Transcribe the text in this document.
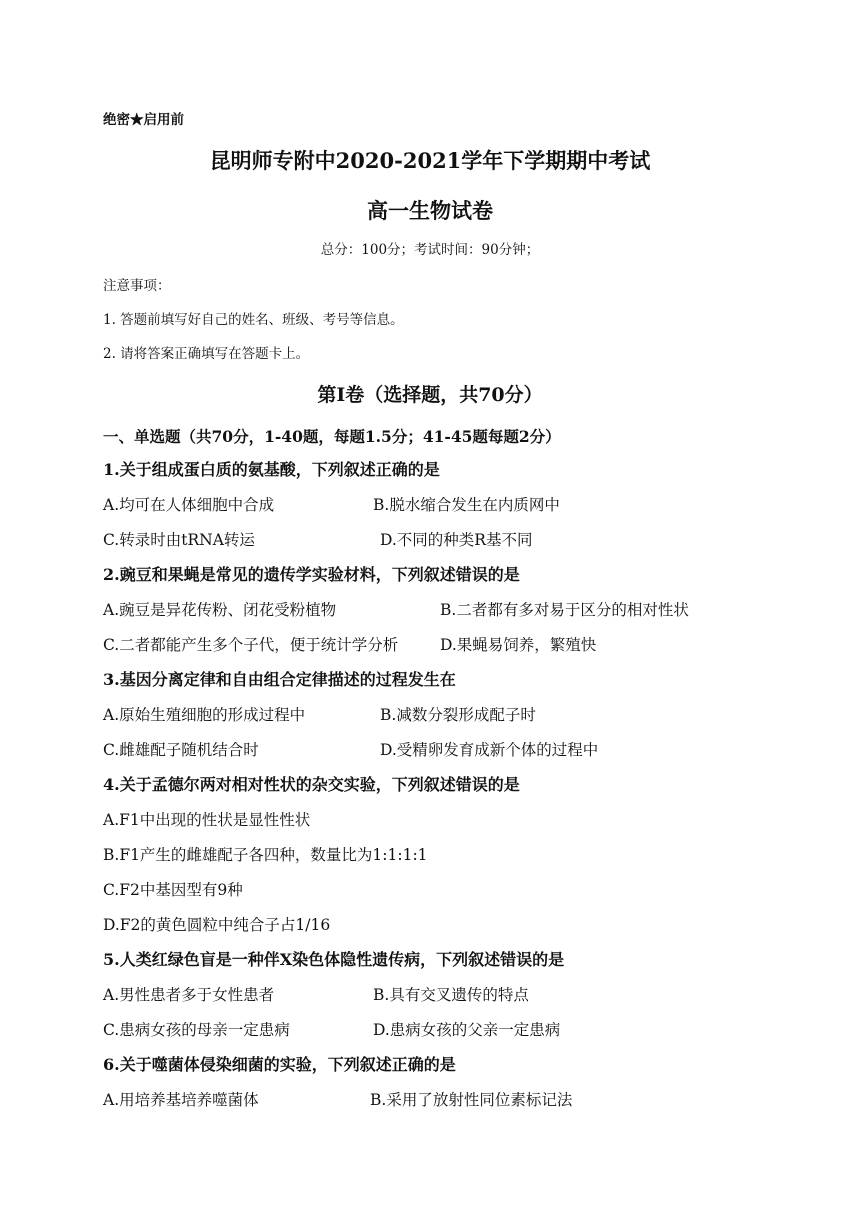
绝密★启用前
昆明师专附中2020-2021学年下学期期中考试
高一生物试卷
总分：100分；考试时间：90分钟；
注意事项：
1. 答题前填写好自己的姓名、班级、考号等信息。
2. 请将答案正确填写在答题卡上。
第Ⅰ卷（选择题，共70分）
一、单选题（共70分，1-40题，每题1.5分；41-45题每题2分）
1.关于组成蛋白质的氨基酸，下列叙述正确的是
A.均可在人体细胞中合成	B.脱水缩合发生在内质网中
C.转录时由tRNA转运	D.不同的种类R基不同
2.豌豆和果蝇是常见的遗传学实验材料，下列叙述错误的是
A.豌豆是异花传粉、闭花受粉植物	B.二者都有多对易于区分的相对性状
C.二者都能产生多个子代，便于统计学分析	D.果蝇易饲养，繁殖快
3.基因分离定律和自由组合定律描述的过程发生在
A.原始生殖细胞的形成过程中	B.减数分裂形成配子时
C.雌雄配子随机结合时	D.受精卵发育成新个体的过程中
4.关于孟德尔两对相对性状的杂交实验，下列叙述错误的是
A.F1中出现的性状是显性性状
B.F1产生的雌雄配子各四种，数量比为1:1:1:1
C.F2中基因型有9种
D.F2的黄色圆粒中纯合子占1/16
5.人类红绿色盲是一种伴X染色体隐性遗传病，下列叙述错误的是
A.男性患者多于女性患者	B.具有交叉遗传的特点
C.患病女孩的母亲一定患病	D.患病女孩的父亲一定患病
6.关于噬菌体侵染细菌的实验，下列叙述正确的是
A.用培养基培养噬菌体	B.采用了放射性同位素标记法
